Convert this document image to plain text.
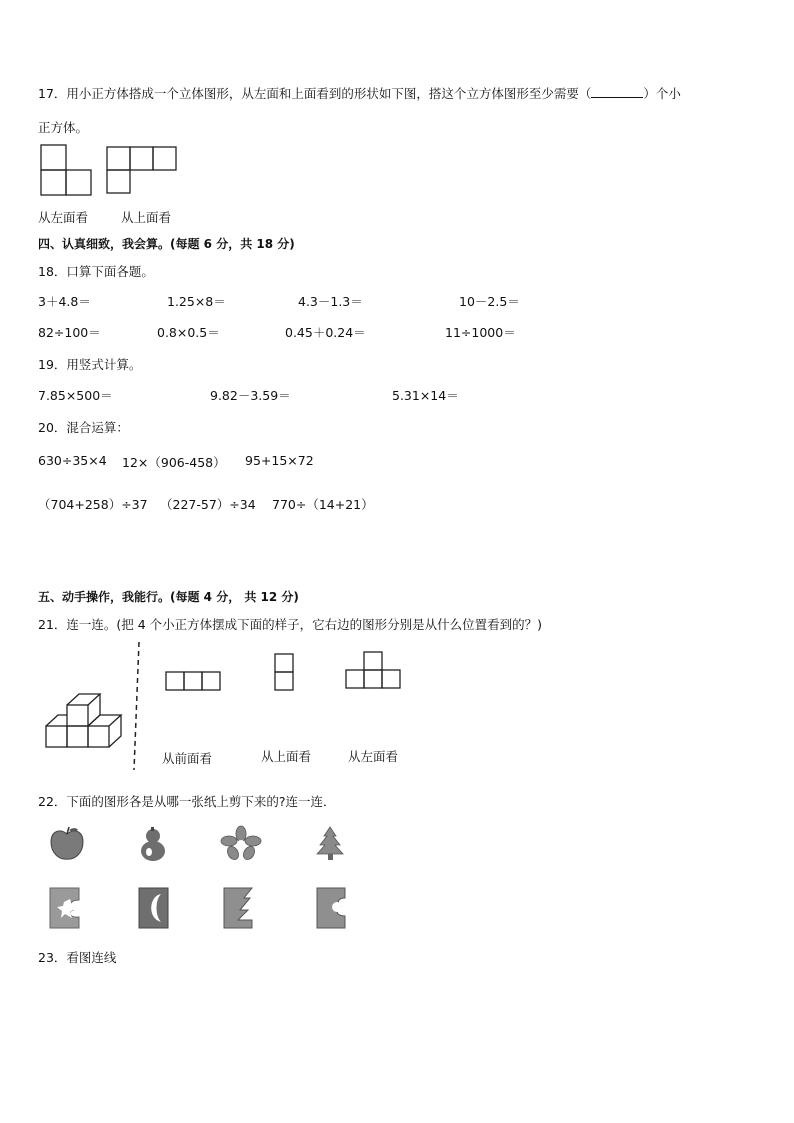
17．用小正方体搭成一个立体图形，从左面和上面看到的形状如下图，搭这个立方体图形至少需要（	）个小
正方体。
从左面看	从上面看
四、认真细致，我会算。(每题 6 分，共 18 分)
18．口算下面各题。
3＋4.8＝	1.25×8＝	4.3－1.3＝	10－2.5＝
82÷100＝	0.8×0.5＝	0.45＋0.24＝	11÷1000＝
19．用竖式计算。
7.85×500＝	9.82－3.59＝	5.31×14＝
20．混合运算：
630÷35×4 12×（906-458） 95+15×72
（704+258）÷37 （227-57）÷34 770÷（14+21）
五、动手操作，我能行。(每题 4 分， 共 12 分)
21．连一连。(把 4 个小正方体摆成下面的样子，它右边的图形分别是从什么位置看到的？)
从前面看	从上面看	从左面看
22．下面的图形各是从哪一张纸上剪下来的?连一连．
23．看图连线
